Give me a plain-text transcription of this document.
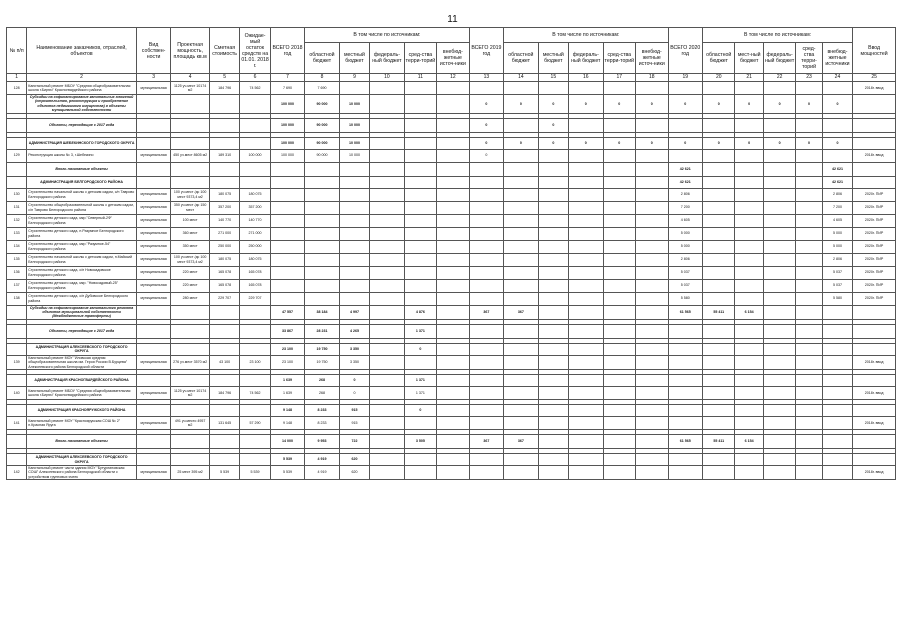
11
№ п/п	Наименование заказчиков, отраслей, объектов	Вид собствен-ности	Проектная мощность, площадь кв.м	Сметная стоимость	Ожидае-мый остаток средств на 01.01. 2018 г.	ВСЕГО 2018 год	В том числе по источникам:					ВСЕГО 2019 год	В том числе по источникам:					ВСЕГО 2020 год	В том числе по источникам:					Ввод мощностей
							областной бюджет	местный бюджет	федераль-ный бюджет	сред-ства терри-торий	внебюд-жетные источ-ники		областной бюджет	местный бюджет	федераль-ный бюджет	сред-ства терри-торий	внебюд-жетные источ-ники		областной бюджет	мест-ный бюджет	федераль-ный бюджет	сред-ства терри-торий	внебюд-жетные источники	
1	2	3	4	5	6	7	8	9	10	11	12	13	14	15	16	17	18	19	20	21	22	23	24	25
128	Капитальный ремонт МБОУ "Средняя общеобразовательная школа г.Бирюч" Красногвардейского района	муниципальная	1125 уч.мест 10174 м2	184 796	74 562	7 690	7 690																	2018г. ввод
	Субсидии на софинансирование капитальных вложений (строительство, реконструкция и приобретение объектов недвижимого имущества) в объекты муниципальной собственности					100 000	90 000	10 000				0	0	0	0	0	0	0	0	0	0	0	0	

	Объекты, переходящие с 2017 года					100 000	90 000	10 000				0		0										

	АДМИНИСТРАЦИЯ ШЕБЕКИНСКОГО ГОРОДСКОГО ОКРУГА					100 000	90 000	10 000				0	0	0	0	0	0	0	0	0	0	0	0	
129	Реконструкция школы № 3, г.Шебекино	муниципальная	450 уч.мест 8605 м2	189 310	100 000	100 000	90 000	10 000				0												2018г. ввод
	Вновь начинаемые объекты																	42 621					42 621	
	АДМИНИСТРАЦИЯ БЕЛГОРОДСКОГО РАЙОНА																	42 621					42 621	
130	Строительство начальной школы с детским садом, с/п Таврово Белгородского района	муниципальная	100 уч.мест /дс 100 мест 9373,4 м2	180 075	180 075													2 806					2 806	2020г. ПИР
131	Строительство общеобразовательной школы с детским садом, с/п Таврово Белгородского района	муниципальная	350 уч.мест /дс 150 мест	357 200	357 200													7 200					7 200	2020г. ПИР
132	Строительство детского сада, мкр."Северный-2Ф" Белгородского района	муниципальная	100 мест	140 770	140 770													4 605					4 605	2020г. ПИР
133	Строительство детского сада, п.Разумное Белгородского района	муниципальная	360 мест	271 000	271 000													5 000					5 000	2020г. ПИР
134	Строительство детского сада, мкр."Разумное-54" Белгородского района	муниципальная	350 мест	250 000	250 000													5 000					5 000	2020г. ПИР
135	Строительство начальной школы с детским садом, п.Майский Белгородского района	муниципальная	100 уч.мест /дс 100 мест 9373,4 м2	180 075	180 075													2 806					2 806	2020г. ПИР
136	Строительство детского сада, с/п Новосадовское Белгородского района	муниципальная	220 мест	165 078	165 078													5 037					5 037	2020г. ПИР
137	Строительство детского сада, мкр. "Новосадовый-25" Белгородского района	муниципальная	220 мест	165 078	165 078													5 037					5 037	2020г. ПИР
138	Строительство детского сада, с/п Дубовское Белгородского района	муниципальная	280 мест	229 707	229 707													5 580					5 580	2020г. ПИР
	Субсидии на софинансирование капитального ремонта объектов муниципальной собственности (Межбюджетные трансферты)					47 557	38 184	4 997		4 876		367	367					61 565	55 411	6 154				

	Объекты, переходящие с 2017 года					33 867	28 231	4 265		1 371														

	АДМИНИСТРАЦИЯ АЛЕКСЕЕВСКОГО ГОРОДСКОГО ОКРУГА					23 100	19 750	3 350		0														
139	Капитальный ремонт МОУ "Иловская средняя общеобразовательная школа им. Героя России В.Бурцева" Алексеевского района Белгородской области	муниципальная	276 уч.мест 3570 м2	43 100	23 100	23 100	19 750	3 350																2018г. ввод

	АДМИНИСТРАЦИЯ КРАСНОГВАРДЕЙСКОГО РАЙОНА					1 639	268	0		1 371														
140	Капитальный ремонт МБОУ "Средняя общеобразовательная школа г.Бирюч" Красногвардейского района	муниципальная	1125 уч.мест 10174 м2	184 796	74 562	1 639	268	0		1 371														2018г. ввод

	АДМИНИСТРАЦИЯ КРАСНОЯРУЖСКОГО РАЙОНА					9 148	8 233	915		0														
141	Капитальный ремонт МОУ "Красноярукская СОШ № 2" п.Красная Яруга	муниципальная	491 уч.место 4957 м2	131 645	57 290	9 148	8 233	915																2018г. ввод

	Вновь начинаемые объекты					14 000	9 953	722		3 505		367	367					61 565	55 411	6 154				

	АДМИНИСТРАЦИЯ АЛЕКСЕЕВСКОГО ГОРОДСКОГО ОКРУГА					5 539	4 919	620																
142	Капитальный ремонт части здания МОУ "Бутурлиновская СОШ" Алексеевского района Белгородской области с устройством групповых ячеек	муниципальная	25 мест 395 м2	5 539	5 539	5 539	4 919	620																2018г. ввод
